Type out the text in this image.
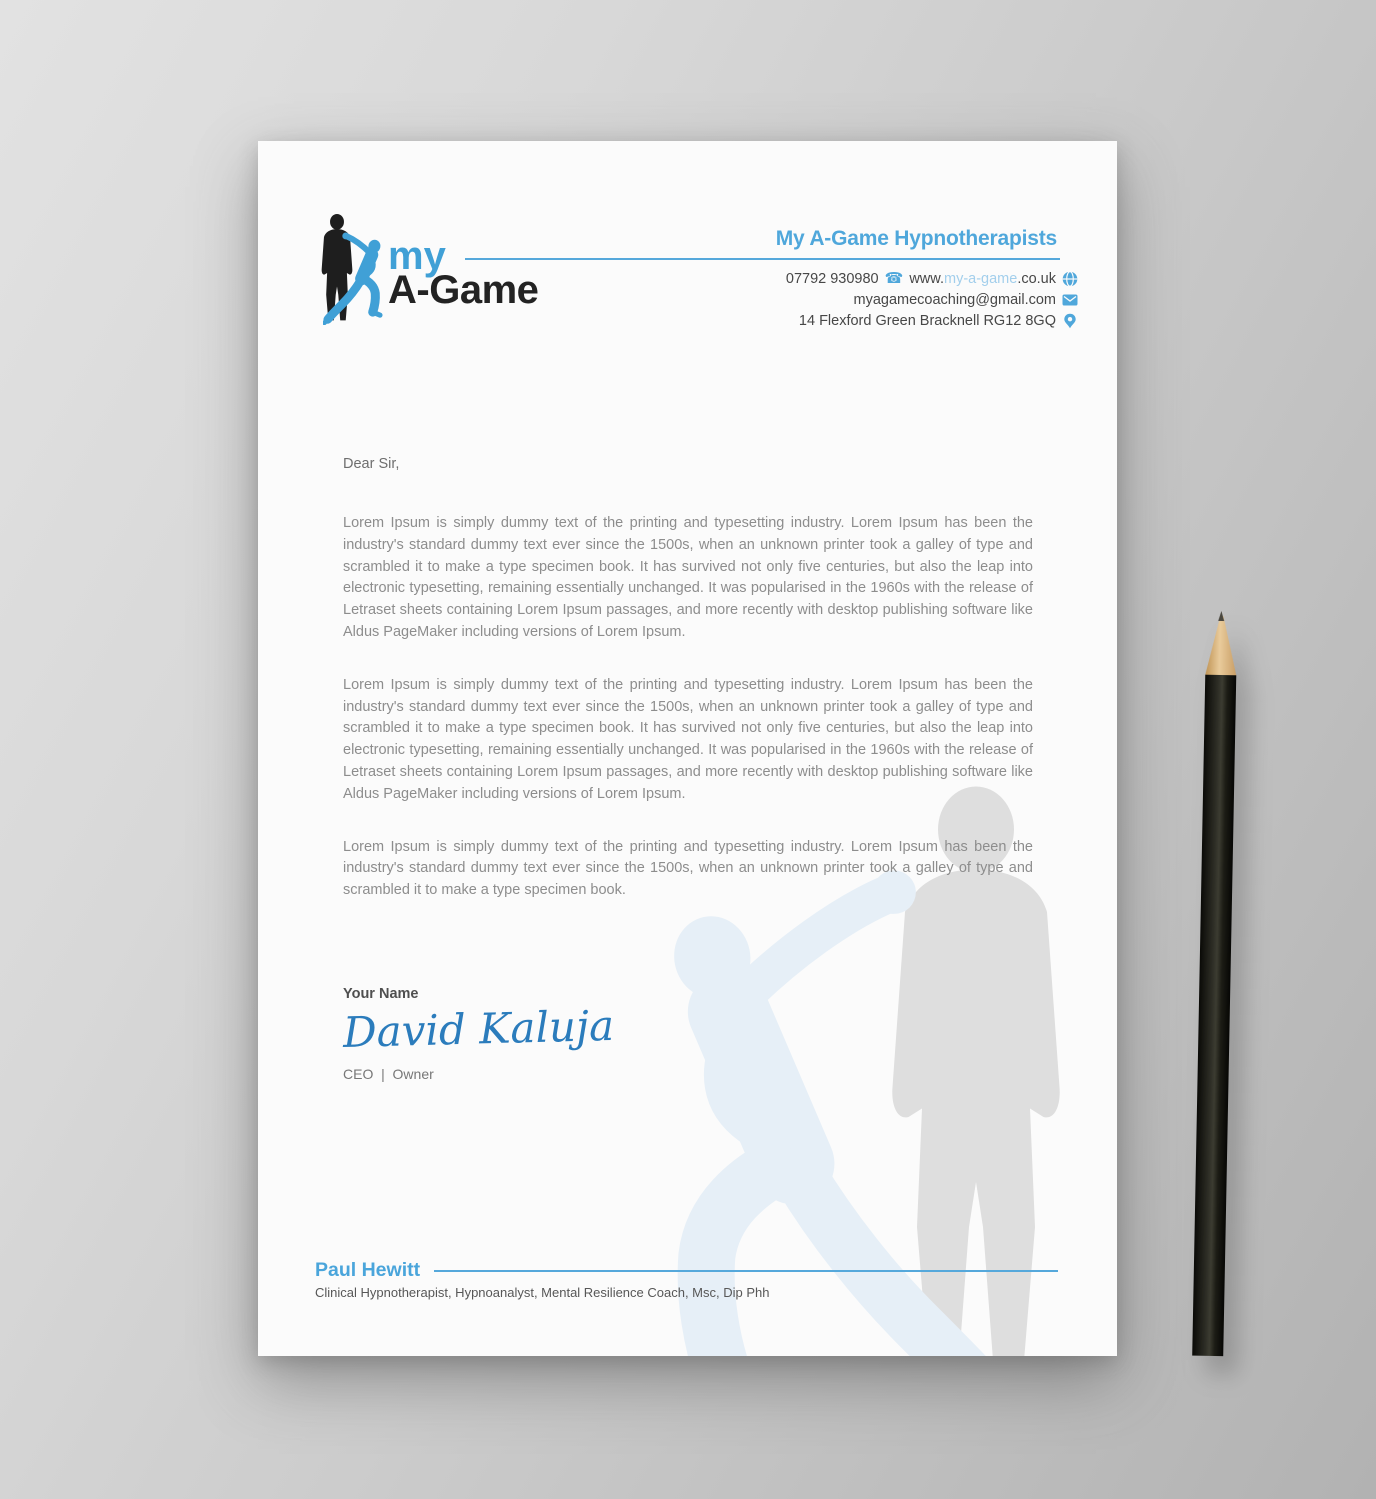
my
A-Game
My A-Game Hypnotherapists
07792 930980 ☎ www.my-a-game.co.uk
myagamecoaching@gmail.com
14 Flexford Green Bracknell RG12 8GQ

Dear Sir,

Lorem Ipsum is simply dummy text of the printing and typesetting industry. Lorem Ipsum has been the industry's standard dummy text ever since the 1500s, when an unknown printer took a galley of type and scrambled it to make a type specimen book. It has survived not only five centuries, but also the leap into electronic typesetting, remaining essentially unchanged. It was popularised in the 1960s with the release of Letraset sheets containing Lorem Ipsum passages, and more recently with desktop publishing software like Aldus PageMaker including versions of Lorem Ipsum.

Lorem Ipsum is simply dummy text of the printing and typesetting industry. Lorem Ipsum has been the industry's standard dummy text ever since the 1500s, when an unknown printer took a galley of type and scrambled it to make a type specimen book. It has survived not only five centuries, but also the leap into electronic typesetting, remaining essentially unchanged. It was popularised in the 1960s with the release of Letraset sheets containing Lorem Ipsum passages, and more recently with desktop publishing software like Aldus PageMaker including versions of Lorem Ipsum.

Lorem Ipsum is simply dummy text of the printing and typesetting industry. Lorem Ipsum has been the industry's standard dummy text ever since the 1500s, when an unknown printer took a galley of type and scrambled it to make a type specimen book.

Your Name
David Kaluja
CEO  |  Owner
Paul Hewitt
Clinical Hypnotherapist, Hypnoanalyst, Mental Resilience Coach, Msc, Dip Phh
